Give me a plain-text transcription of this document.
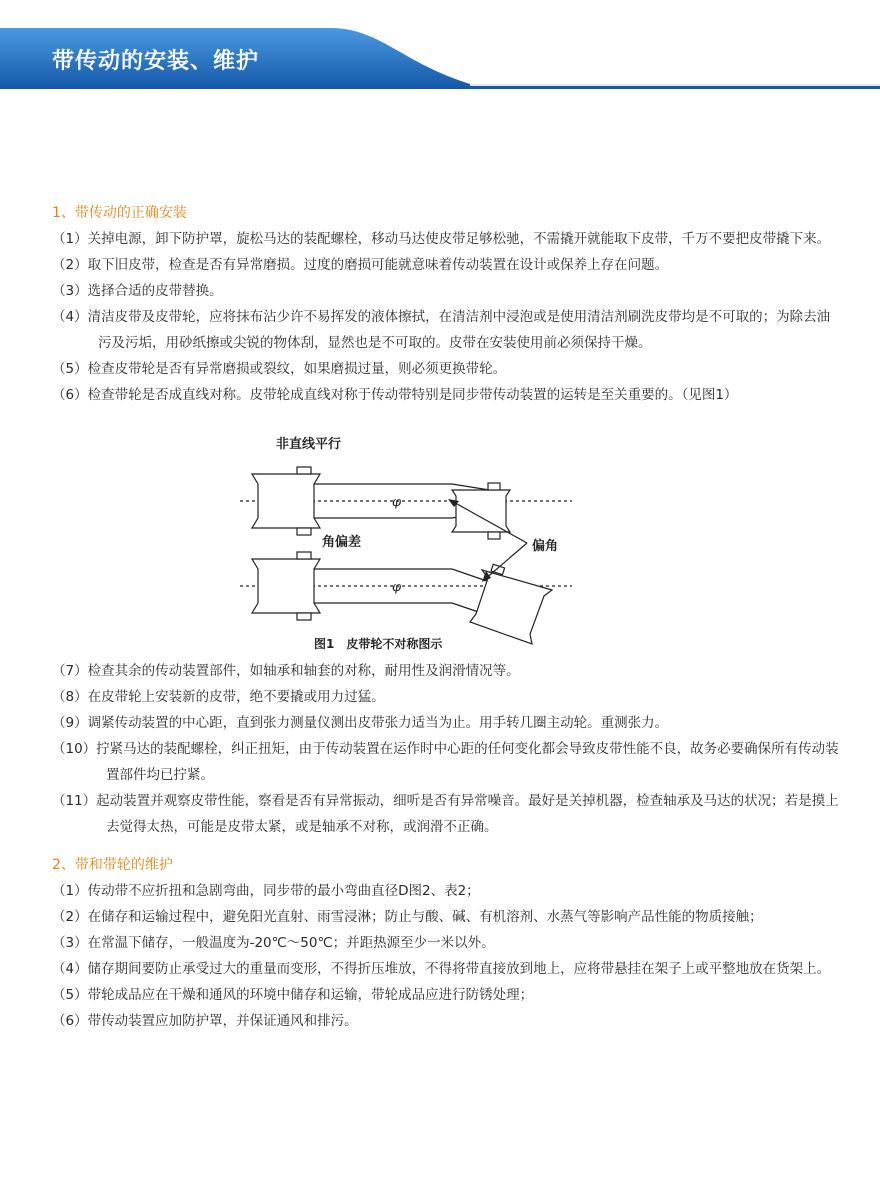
带传动的安装、维护

1、带传动的正确安装

（1）关掉电源，卸下防护罩，旋松马达的装配螺栓，移动马达使皮带足够松驰，不需撬开就能取下皮带，千万不要把皮带撬下来。

（2）取下旧皮带，检查是否有异常磨损。过度的磨损可能就意味着传动装置在设计或保养上存在问题。

（3）选择合适的皮带替换。

（4）清洁皮带及皮带轮，应将抹布沾少许不易挥发的液体擦拭，在清洁剂中浸泡或是使用清洁剂刷洗皮带均是不可取的；为除去油污及污垢，用砂纸擦或尖锐的物体刮，显然也是不可取的。皮带在安装使用前必须保持干燥。

（5）检查皮带轮是否有异常磨损或裂纹，如果磨损过量，则必须更换带轮。

（6）检查带轮是否成直线对称。皮带轮成直线对称于传动带特别是同步带传动装置的运转是至关重要的。（见图1）

非直线平行
角偏差	偏角
φ
φ
图1　皮带轮不对称图示

（7）检查其余的传动装置部件，如轴承和轴套的对称，耐用性及润滑情况等。

（8）在皮带轮上安装新的皮带，绝不要撬或用力过猛。

（9）调紧传动装置的中心距，直到张力测量仪测出皮带张力适当为止。用手转几圈主动轮。重测张力。

（10）拧紧马达的装配螺栓，纠正扭矩，由于传动装置在运作时中心距的任何变化都会导致皮带性能不良，故务必要确保所有传动装置部件均已拧紧。

（11）起动装置并观察皮带性能，察看是否有异常振动，细听是否有异常噪音。最好是关掉机器，检查轴承及马达的状况；若是摸上去觉得太热，可能是皮带太紧，或是轴承不对称，或润滑不正确。

2、带和带轮的维护

（1）传动带不应折扭和急剧弯曲，同步带的最小弯曲直径D图2、表2；

（2）在储存和运输过程中，避免阳光直射、雨雪浸淋；防止与酸、碱、有机溶剂、水蒸气等影响产品性能的物质接触；

（3）在常温下储存，一般温度为-20℃～50℃；并距热源至少一米以外。

（4）储存期间要防止承受过大的重量而变形，不得折压堆放，不得将带直接放到地上，应将带悬挂在架子上或平整地放在货架上。

（5）带轮成品应在干燥和通风的环境中储存和运输，带轮成品应进行防锈处理；

（6）带传动装置应加防护罩，并保证通风和排污。
